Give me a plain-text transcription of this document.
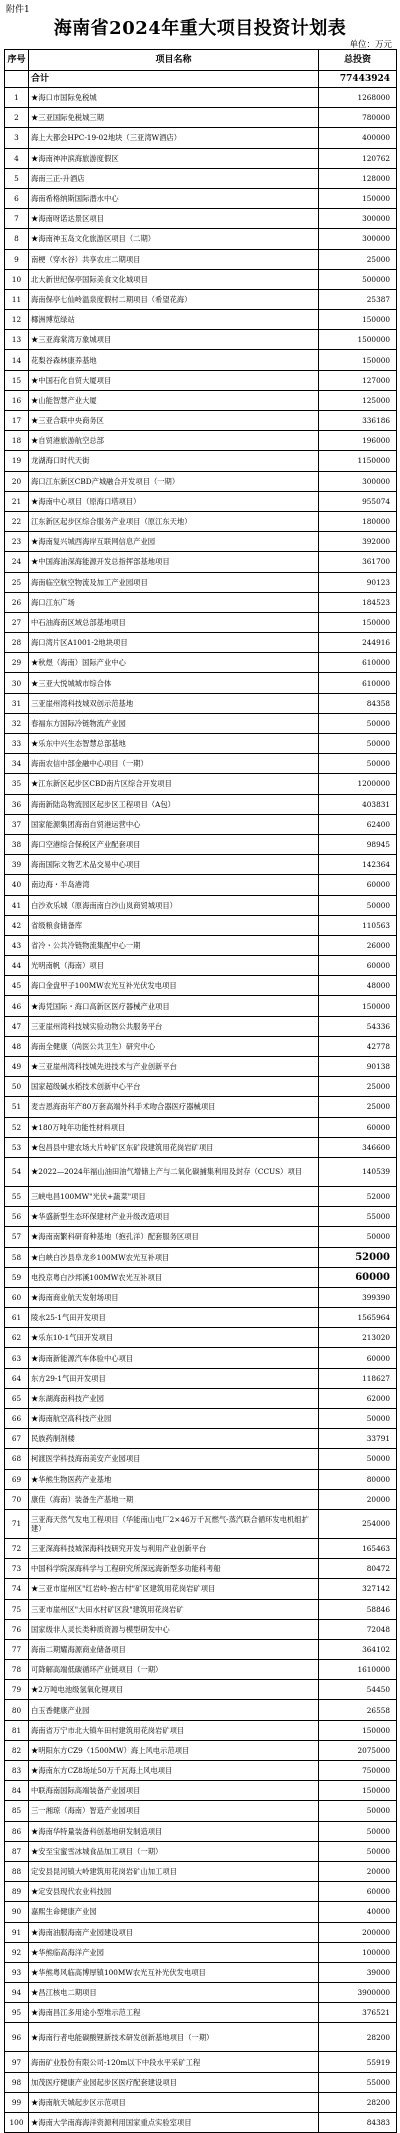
附件1
海南省2024年重大项目投资计划表
单位：万元
序号	项目名称	总投资
	合计	77443924
1	★海口市国际免税城	1268000
2	★三亚国际免税城三期	780000
3	海上大都会HPC-19-02地块（三亚湾W酒店）	400000
4	★海南神冲滨海旅游度假区	120762
5	海南三正-升酒店	128000
6	海南希格纳斯国际潜水中心	150000
7	★海南呀诺达景区项目	300000
8	★海南神玉岛文化旅游区项目（二期）	300000
9	南梗（穿水谷）共享农庄二期项目	25000
10	北大新世纪保亭国际美食文化城项目	500000
11	海南保亭七仙岭温泉度假村二期项目（希望花海）	25387
12	椰洲博览绿站	150000
13	★三亚海棠湾万象城项目	1500000
14	花梨谷森林康养基地	150000
15	★中国石化自贸大厦项目	127000
16	★山能智慧产业大厦	125000
17	★三亚合联中央商务区	336186
18	★自贸港旅游航空总部	196000
19	龙湖海口时代天街	1150000
20	海口江东新区CBD产城融合开发项目（一期）	300000
21	★海南中心项目（原海口塔项目）	955074
22	江东新区起步区综合服务产业项目（原江东天地）	180000
23	★海南复兴城西海岸互联网信息产业园	392000
24	★中国海油深海能源开发总指挥部基地项目	361700
25	海南临空航空物流及加工产业园项目	90123
26	海口江东广场	184523
27	中石油海南区域总部基地项目	150000
28	海口湾片区A1001-2地块项目	244916
29	★秋煜（海南）国际产业中心	610000
30	★三亚大悦城城市综合体	610000
31	三亚崖州湾科技城双创示范基地	84358
32	春福东方国际冷链物流产业园	50000
33	★乐东中兴生态智慧总部基地	50000
34	海南农信中部金融中心项目（一期）	50000
35	★江东新区起步区CBD南片区综合开发项目	1200000
36	海南新陆岛物流园区起步区工程项目（A包）	403831
37	国家能源集团海南自贸港运营中心	62400
38	海口空港综合保税区产业配套项目	98945
39	海南国际文物艺术品交易中心项目	142364
40	南边海・半岛港湾	60000
41	白沙欢乐城（原海南南白沙山岚商贸城项目）	50000
42	省级粮食储备库	110563
43	省冷・公共冷链物流集配中心一期	26000
44	光明南帆（海南）项目	60000
45	海口金盘甲子100MW农光互补光伏发电项目	48000
46	★海凭国际・海口高新区医疗器械产业项目	150000
47	三亚崖州湾科技城实验动物公共服务平台	54336
48	海南全健康（尚医公共卫生）研究中心	42778
49	★三亚崖州湾科技城先进技术与产业创新平台	90138
50	国家超级碱水稻技术创新中心平台	25000
51	麦吉恩海南年产80万套高端外科手术吻合器医疗器械项目	25000
52	★180万吨年功能性材料项目	60000
53	★包昌县中建农场大片岭矿区东矿段建筑用花岗岩矿项目	346600
54	★2022—2024年福山油田油气增储上产与二氧化碳捕集利用及封存（CCUS）项目	140539
55	三峡电昌100MW"光伏+蔬菜"项目	52000
56	★华盛新型生态环保建材产业升级改造项目	55000
57	★海南南繁科研育种基地（抱孔洋）配套服务区项目	50000
58	★白峡白沙县阜龙乡100MW农光互补项目	52000
59	电投京粤白沙邦溪100MW农光互补项目	60000
60	★海南商业航天发射场项目	399390
61	陵水25-1气田开发项目	1565964
62	★乐东10-1气田开发项目	213020
63	★海南新能源汽车体验中心项目	60000
64	东方29-1气田开发项目	118627
65	★东湖海南科技产业园	62000
66	★海南航空高科技产业园	50000
67	民族药制剂楼	33791
68	柯渡医学科技海南美安产业园项目	50000
69	★华熊生物医药产业基地	80000
70	康佳（海南）装备生产基地一期	20000
71	三亚海天然气发电工程项目（华能南山电厂2×46万千瓦燃气-蒸汽联合循环发电机组扩建）	254000
72	三亚深海科技城深海科技研究开发与利用产业创新平台	165463
73	中国科学院深海科学与工程研究所深远海新型多功能科考船	80472
74	★三亚市崖州区"红岩岭-抱古村"矿区建筑用花岗岩矿项目	327142
75	三亚市崖州区"大田水村矿区段"建筑用花岗岩矿	58846
76	国家级非人灵长类种质资源与模型研发中心	72048
77	海南二期耀海源商业储备项目	364102
78	可降解高端低碳循环产业链项目（一期）	1610000
79	★2万吨电池级氢氧化锂项目	54450
80	白玉香健康产业园	26558
81	海南省万宁市北大镇车田村建筑用花岗岩矿项目	150000
82	★明阳东方CZ9（1500MW）海上风电示范项目	2075000
83	★海南东方CZ8场址50万千瓦海上风电项目	750000
84	中联海南国际高端装备产业园项目	150000
85	三一湘琼（海南）智造产业园项目	50000
86	★海南华特量装备科创基地研发制造项目	50000
87	★安至宝蜜雪冰城食品加工项目（一期）	50000
88	定安县昆河镇大岭建筑用花岗岩矿山加工项目	20000
89	★定安县现代农业科技园	60000
90	嘉熙生命健康产业园	40000
91	★海南油服海南产业园建设项目	200000
92	★华熊临高海洋产业园	100000
93	★华熊粤风临高博厚镇100MW农光互补光伏发电项目	39000
94	★昌江核电二期项目	3900000
95	★海南昌江多用途小型堆示范工程	376521
96	★海南行者电能碳酸锂新技术研发创新基地项目（一期）	28200
97	海南矿业股份有限公司-120m以下中段水平采矿工程	55919
98	加茂医疗健康产业园起步区医疗配套建设项目	55000
99	★海南航天城起步区示范项目	28200
100	★海南大学南海海洋资源利用国家重点实验室项目	84383
